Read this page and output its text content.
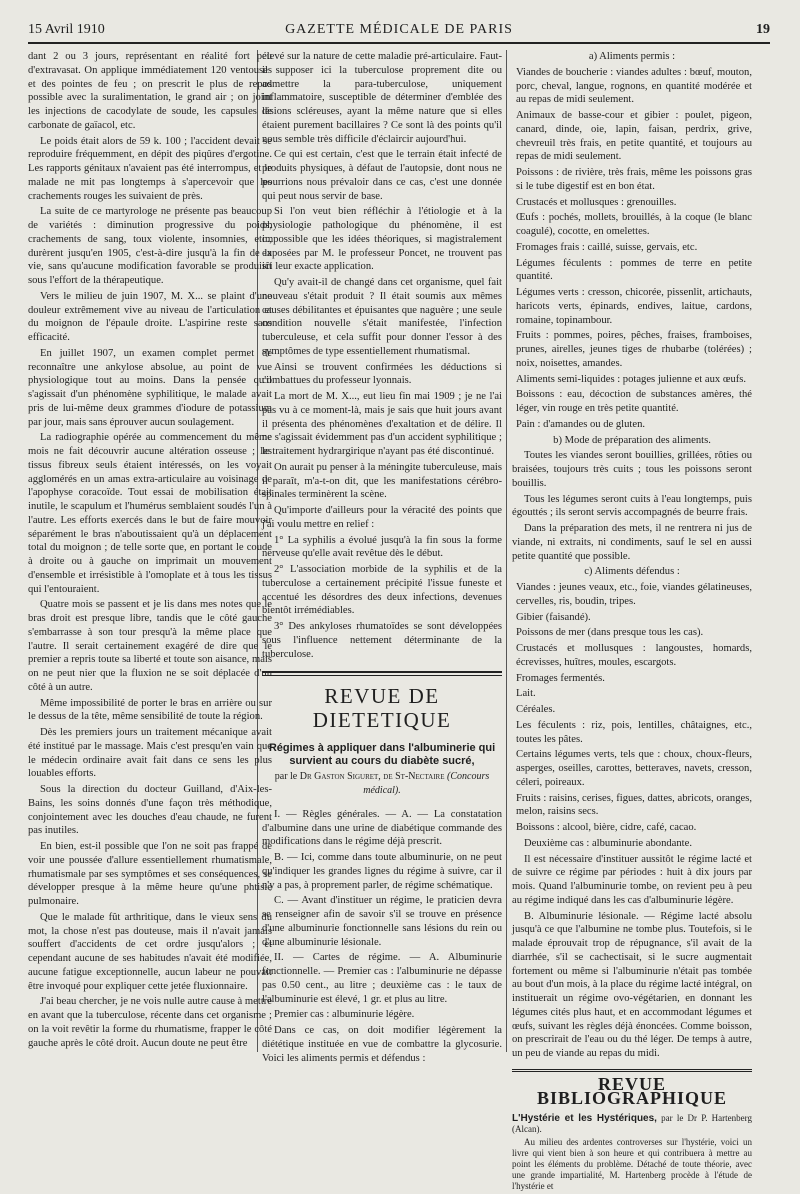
15 Avril 1910	GAZETTE MÉDICALE DE PARIS	19

dant 2 ou 3 jours, représentant en réalité fort peu d'extravasat. On applique immédiatement 120 ventouses et des pointes de feu ; on prescrit le plus de repos possible avec la suralimentation, le grand air ; on joint les injections de cacodylate de soude, les capsules de carbonate de gaïacol, etc.

Le poids était alors de 59 k. 100 ; l'accident devait se reproduire fréquemment, en dépit des piqûres d'ergotine. Les rapports génitaux n'avaient pas été interrompus, et le malade ne mit pas longtemps à s'apercevoir que les crachements rouges les suivaient de près.

La suite de ce martyrologe ne présente pas beaucoup de variétés : diminution progressive du poids, crachements de sang, toux violente, insomnies, etc., durèrent jusqu'en 1905, c'est-à-dire jusqu'à la fin de la vie, sans qu'aucune modification favorable se produisît sous l'effort de la thérapeutique.

Vers le milieu de juin 1907, M. X... se plaint d'une douleur extrêmement vive au niveau de l'articulation et du moignon de l'épaule droite. L'aspirine reste sans efficacité.

En juillet 1907, un examen complet permet de reconnaître une ankylose absolue, au point de vue physiologique tout au moins. Dans la pensée qu'il s'agissait d'un phénomène syphilitique, le malade avait pris de lui-même deux grammes d'iodure de potassium par jour, mais sans éprouver aucun soulagement.

La radiographie opérée au commencement du même mois ne fait découvrir aucune altération osseuse ; les tissus fibreux seuls étaient intéressés, on les voyait agglomérés en un amas extra-articulaire au voisinage de l'apophyse coracoïde. Tout essai de mobilisation était inutile, le scapulum et l'humérus semblaient soudés l'un à l'autre. Les efforts exercés dans le but de faire mouvoir séparément le bras n'aboutissaient qu'à un déplacement total du moignon ; de telle sorte que, en portant le coude à droite ou à gauche on imprimait un mouvement d'ensemble et irrésistible à l'omoplate et à tous les tissus qui l'entouraient.

Quatre mois se passent et je lis dans mes notes que le bras droit est presque libre, tandis que le côté gauche s'embarrasse à son tour presqu'à la même place que l'autre. Il serait certainement exagéré de dire que le premier a repris toute sa liberté et toute son aisance, mais on ne peut nier que la fluxion ne se soit déplacée d'un côté à un autre.

Même impossibilité de porter le bras en arrière ou sur le dessus de la tête, même sensibilité de toute la région.

Dès les premiers jours un traitement mécanique avait été institué par le massage. Mais c'est presqu'en vain que le médecin ordinaire avait fait dans ce sens les plus louables efforts.

Sous la direction du docteur Guilland, d'Aix-les-Bains, les soins donnés d'une façon très méthodique, conjointement avec les douches d'eau chaude, ne furent pas inutiles.

En bien, est-il possible que l'on ne soit pas frappé de voir une poussée d'allure essentiellement rhumatismale, rhumatismale par ses symptômes et ses conséquences, se développer presque à la même heure qu'une phtisie pulmonaire.

Que le malade fût arthritique, dans le vieux sens du mot, la chose n'est pas douteuse, mais il n'avait jamais souffert d'accidents de cet ordre jusqu'alors ; et cependant aucune de ses habitudes n'avait été modifiée, aucune fatigue exceptionnelle, aucun labeur ne pouvait être invoqué pour expliquer cette jetée fluxionnaire.

J'ai beau chercher, je ne vois nulle autre cause à mettre en avant que la tuberculose, récente dans cet organisme ; on la voit revêtir la forme du rhumatisme, frapper le côté gauche après le côté droit. Aucun doute ne peut être

élevé sur la nature de cette maladie pré-articulaire. Faut-il supposer ici la tuberculose proprement dite ou admettre la para-tuberculose, uniquement inflammatoire, susceptible de déterminer d'emblée des lésions scléreuses, ayant la même nature que si elles étaient purement bacillaires ? Ce sont là des points qu'il nous semble très difficile d'éclaircir aujourd'hui.

Ce qui est certain, c'est que le terrain était infecté de produits physiques, à défaut de l'autopsie, dont nous ne pourrions nous prévaloir dans ce cas, c'est une donnée qui peut nous servir de base.

Si l'on veut bien réfléchir à l'étiologie et à la physiologie pathologique du phénomène, il est impossible que les idées théoriques, si magistralement exposées par M. le professeur Poncet, ne trouvent pas ici leur exacte application.

Qu'y avait-il de changé dans cet organisme, quel fait nouveau s'était produit ? Il était soumis aux mêmes causes débilitantes et épuisantes que naguère ; une seule condition nouvelle s'était manifestée, l'infection tuberculeuse, et cela suffit pour donner l'essor à des symptômes de type essentiellement rhumatismal.

Ainsi se trouvent confirmées les déductions si combattues du professeur lyonnais.

La mort de M. X..., eut lieu fin mai 1909 ; je ne l'ai pas vu à ce moment-là, mais je sais que huit jours avant il présenta des phénomènes d'exaltation et de délire. Il ne s'agissait évidemment pas d'un accident syphilitique ; le traitement hydrargirique n'ayant pas été discontinué.

On aurait pu penser à la méningite tuberculeuse, mais il paraît, m'a-t-on dit, que les manifestations cérébro-spinales terminèrent la scène.

Qu'importe d'ailleurs pour la véracité des points que j'ai voulu mettre en relief :

1° La syphilis a évolué jusqu'à la fin sous la forme nerveuse qu'elle avait revêtue dès le début.

2° L'association morbide de la syphilis et de la tuberculose a certainement précipité l'issue funeste et accentué les désordres des deux infections, devenues bientôt irrémédiables.

3° Des ankyloses rhumatoïdes se sont développées sous l'influence nettement déterminante de la tuberculose.

REVUE DE DIETETIQUE
Régimes à appliquer dans l'albuminerie qui survient au cours du diabète sucré,
par le Dr Gaston Siguret, de St-Nectaire (Concours médical).

I. — Règles générales. — A. — La constatation d'albumine dans une urine de diabétique commande des modifications dans le régime déjà prescrit.

B. — Ici, comme dans toute albuminurie, on ne peut qu'indiquer les grandes lignes du régime à suivre, car il n'y a pas, à proprement parler, de régime schématique.

C. — Avant d'instituer un régime, le praticien devra se renseigner afin de savoir s'il se trouve en présence d'une albuminurie fonctionnelle sans lésions du rein ou d'une albuminurie lésionale.

II. — Cartes de régime. — A. Albuminurie fonctionnelle. — Premier cas : l'albuminurie ne dépasse pas 0.50 cent., au litre ; deuxième cas : le taux de l'albuminurie est élevé, 1 gr. et plus au litre.

Premier cas : albuminurie légère.

Dans ce cas, on doit modifier légèrement la diététique instituée en vue de combattre la glycosurie. Voici les aliments permis et défendus :

a) Aliments permis :

Viandes de boucherie : viandes adultes : bœuf, mouton, porc, cheval, langue, rognons, en quantité modérée et au repas de midi seulement.

Animaux de basse-cour et gibier : poulet, pigeon, canard, dinde, oie, lapin, faisan, perdrix, grive, chevreuil très frais, en petite quantité, et toujours au repas de midi seulement.

Poissons : de rivière, très frais, même les poissons gras si le tube digestif est en bon état.

Crustacés et mollusques : grenouilles.

Œufs : pochés, mollets, brouillés, à la coque (le blanc coagulé), cocotte, en omelettes.

Fromages frais : caillé, suisse, gervais, etc.

Légumes féculents : pommes de terre en petite quantité.

Légumes verts : cresson, chicorée, pissenlit, artichauts, haricots verts, épinards, endives, laitue, cardons, romaine, topinambour.

Fruits : pommes, poires, pêches, fraises, framboises, prunes, airelles, jeunes tiges de rhubarbe (tolérées) ; noix, noisettes, amandes.

Aliments semi-liquides : potages julienne et aux œufs.

Boissons : eau, décoction de substances amères, thé léger, vin rouge en très petite quantité.

Pain : d'amandes ou de gluten.

b) Mode de préparation des aliments.

Toutes les viandes seront bouillies, grillées, rôties ou braisées, toujours très cuits ; tous les poissons seront bouillis.

Tous les légumes seront cuits à l'eau longtemps, puis égouttés ; ils seront servis accompagnés de beurre frais.

Dans la préparation des mets, il ne rentrera ni jus de viande, ni extraits, ni condiments, sauf le sel en aussi petite quantité que possible.

c) Aliments défendus :

Viandes : jeunes veaux, etc., foie, viandes gélatineuses, cervelles, ris, boudin, tripes.

Gibier (faisandé).

Poissons de mer (dans presque tous les cas).

Crustacés et mollusques : langoustes, homards, écrevisses, huîtres, moules, escargots.

Fromages fermentés.

Lait.

Céréales.

Les féculents : riz, pois, lentilles, châtaignes, etc., toutes les pâtes.

Certains légumes verts, tels que : choux, choux-fleurs, asperges, oseilles, carottes, betteraves, navets, cresson, céleri, poireaux.

Fruits : raisins, cerises, figues, dattes, abricots, oranges, melon, raisins secs.

Boissons : alcool, bière, cidre, café, cacao.

Deuxième cas : albuminurie abondante.

Il est nécessaire d'instituer aussitôt le régime lacté et de suivre ce régime par périodes : huit à dix jours par mois. Quand l'albuminurie tombe, on revient peu à peu au régime indiqué dans les cas d'albuminurie légère.

B. Albuminurie lésionale. — Régime lacté absolu jusqu'à ce que l'albumine ne tombe plus. Toutefois, si le malade éprouvait trop de répugnance, s'il avait de la diarrhée, s'il se cachectisait, si le sucre augmentait fortement ou même si l'albuminurie n'était pas tombée au bout d'un mois, à la place du régime lacté intégral, on instituerait un régime ovo-végétarien, en donnant les légumes cités plus haut, et en accommodant légumes et œufs, suivant les règles déjà énoncées. Comme boisson, on prescrirait de l'eau ou du thé léger. De temps à autre, un peu de viande au repas du midi.

REVUE BIBLIOGRAPHIQUE

L'Hystérie et les Hystériques, par le Dr P. Hartenberg (Alcan).

Au milieu des ardentes controverses sur l'hystérie, voici un livre qui vient bien à son heure et qui contribuera à mettre au point les éléments du problème. Détaché de toute théorie, avec une grande impartialité, M. Hartenberg procède à l'étude de l'hystérie et
